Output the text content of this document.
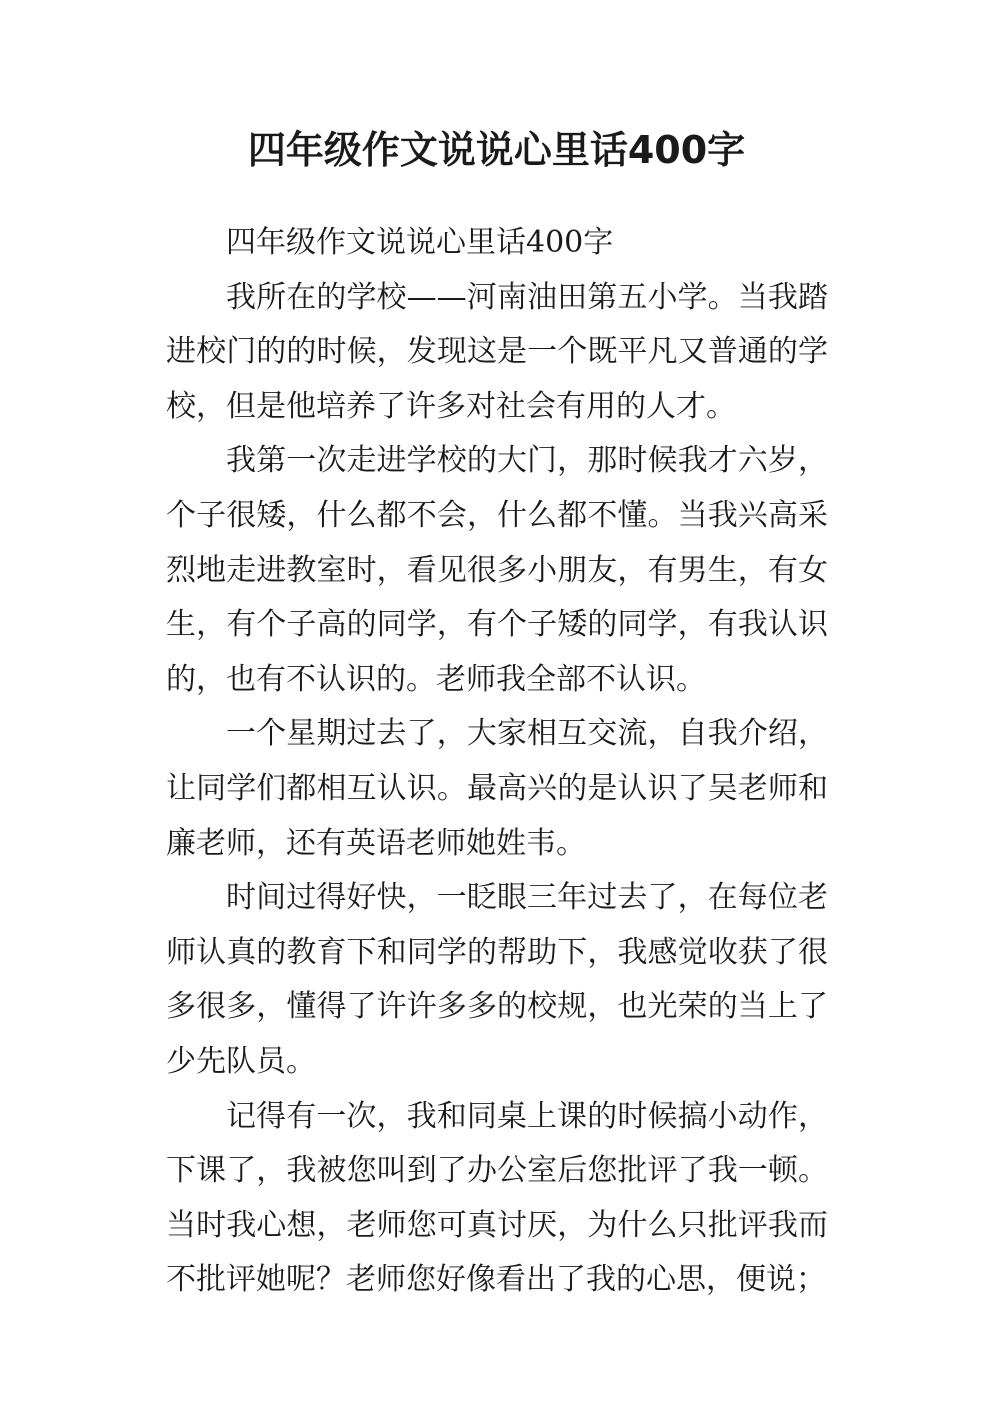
四年级作文说说心里话400字

四年级作文说说心里话400字

我所在的学校——河南油田第五小学。当我踏进校门的的时候，发现这是一个既平凡又普通的学校，但是他培养了许多对社会有用的人才。

我第一次走进学校的大门，那时候我才六岁，个子很矮，什么都不会，什么都不懂。当我兴高采烈地走进教室时，看见很多小朋友，有男生，有女生，有个子高的同学，有个子矮的同学，有我认识的，也有不认识的。老师我全部不认识。

一个星期过去了，大家相互交流，自我介绍，让同学们都相互认识。最高兴的是认识了吴老师和廉老师，还有英语老师她姓韦。

时间过得好快，一眨眼三年过去了，在每位老师认真的教育下和同学的帮助下，我感觉收获了很多很多，懂得了许许多多的校规，也光荣的当上了少先队员。

记得有一次，我和同桌上课的时候搞小动作，下课了，我被您叫到了办公室后您批评了我一顿。当时我心想，老师您可真讨厌，为什么只批评我而不批评她呢？老师您好像看出了我的心思，便说；
